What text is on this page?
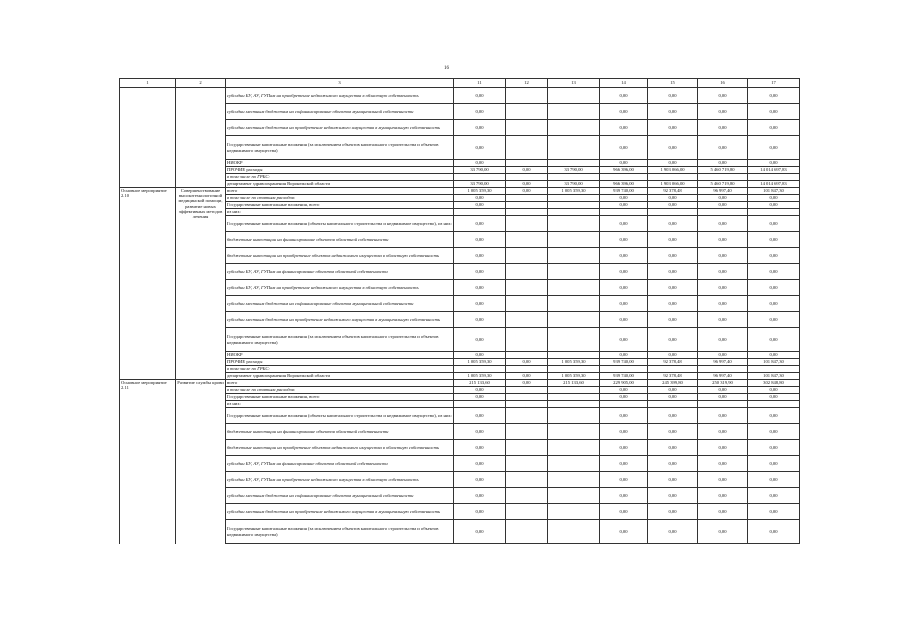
16
1	2	3	11	12	13	14	15	16	17
		субсидии БУ, АУ, ГУПам на приобретение недвижимого имущества в областную собственность	0,00			0,00	0,00	0,00	0,00
		субсидии местным бюджетам на софинансирование объектов муниципальной собственности	0,00			0,00	0,00	0,00	0,00
		субсидии местным бюджетам на приобретение недвижимого имущества в муниципальную собственность	0,00			0,00	0,00	0,00	0,00
		Государственные капитальные вложения (за исключением объектов капитального строительства и объектов недвижимого имущества)	0,00			0,00	0,00	0,00	0,00
		НИОКР	0,00			0,00	0,00	0,00	0,00
		ПРОЧИЕ расходы	33 790,00	0,00	33 790,00	966 396,00	1 903 066,00	5 460 719,80	14 014 697,83
		в том числе по ГРБС:							
		департамент здравоохранения Воронежской области	33 790,00	0,00	33 790,00	966 396,00	1 903 066,00	5 460 719,80	14 014 697,83
Основное мероприятие 2.10	Совершенствование высокотехнологичной медицинской помощи, развитие новых эффективных методов лечения	всего	1 005 359,30	0,00	1 005 359,30	939 740,00	92 378,48	96 997,40	101 847,30
		в том числе по статьям расходов:	0,00			0,00	0,00	0,00	0,00
		Государственные капитальные вложения, всего	0,00			0,00	0,00	0,00	0,00
		из них:							
		Государственные капитальные вложения (объекты капитального строительства и недвижимое имущество), из них:	0,00			0,00	0,00	0,00	0,00
		бюджетные инвестиции на финансирование объектов областной собственности	0,00			0,00	0,00	0,00	0,00
		бюджетные инвестиции на приобретение объектов недвижимого имущества в областную собственность	0,00			0,00	0,00	0,00	0,00
		субсидии БУ, АУ, ГУПам на финансирование объектов областной собственности	0,00			0,00	0,00	0,00	0,00
		субсидии БУ, АУ, ГУПам на приобретение недвижимого имущества в областную собственность	0,00			0,00	0,00	0,00	0,00
		субсидии местным бюджетам на софинансирование объектов муниципальной собственности	0,00			0,00	0,00	0,00	0,00
		субсидии местным бюджетам на приобретение недвижимого имущества в муниципальную собственность	0,00			0,00	0,00	0,00	0,00
		Государственные капитальные вложения (за исключением объектов капитального строительства и объектов недвижимого имущества)	0,00			0,00	0,00	0,00	0,00
		НИОКР	0,00			0,00	0,00	0,00	0,00
		ПРОЧИЕ расходы	1 005 359,30	0,00	1 005 359,30	939 740,00	92 378,48	96 997,40	101 847,30
		в том числе по ГРБС:							
		департамент здравоохранения Воронежской области	1 005 359,30	0,00	1 005 359,30	939 740,00	92 378,48	96 997,40	101 847,30
Основное мероприятие 2.11	Развитие службы крови	всего	215 133,60	0,00	215 133,60	229 905,00	245 399,80	250 319,90	302 848,80
		в том числе по статьям расходов:	0,00			0,00	0,00	0,00	0,00
		Государственные капитальные вложения, всего	0,00			0,00	0,00	0,00	0,00
		из них:							
		Государственные капитальные вложения (объекты капитального строительства и недвижимое имущество), из них:	0,00			0,00	0,00	0,00	0,00
		бюджетные инвестиции на финансирование объектов областной собственности	0,00			0,00	0,00	0,00	0,00
		бюджетные инвестиции на приобретение объектов недвижимого имущества в областную собственность	0,00			0,00	0,00	0,00	0,00
		субсидии БУ, АУ, ГУПам на финансирование объектов областной собственности	0,00			0,00	0,00	0,00	0,00
		субсидии БУ, АУ, ГУПам на приобретение недвижимого имущества в областную собственность	0,00			0,00	0,00	0,00	0,00
		субсидии местным бюджетам на софинансирование объектов муниципальной собственности	0,00			0,00	0,00	0,00	0,00
		субсидии местным бюджетам на приобретение недвижимого имущества в муниципальную собственность	0,00			0,00	0,00	0,00	0,00
		Государственные капитальные вложения (за исключением объектов капитального строительства и объектов недвижимого имущества)	0,00			0,00	0,00	0,00	0,00
